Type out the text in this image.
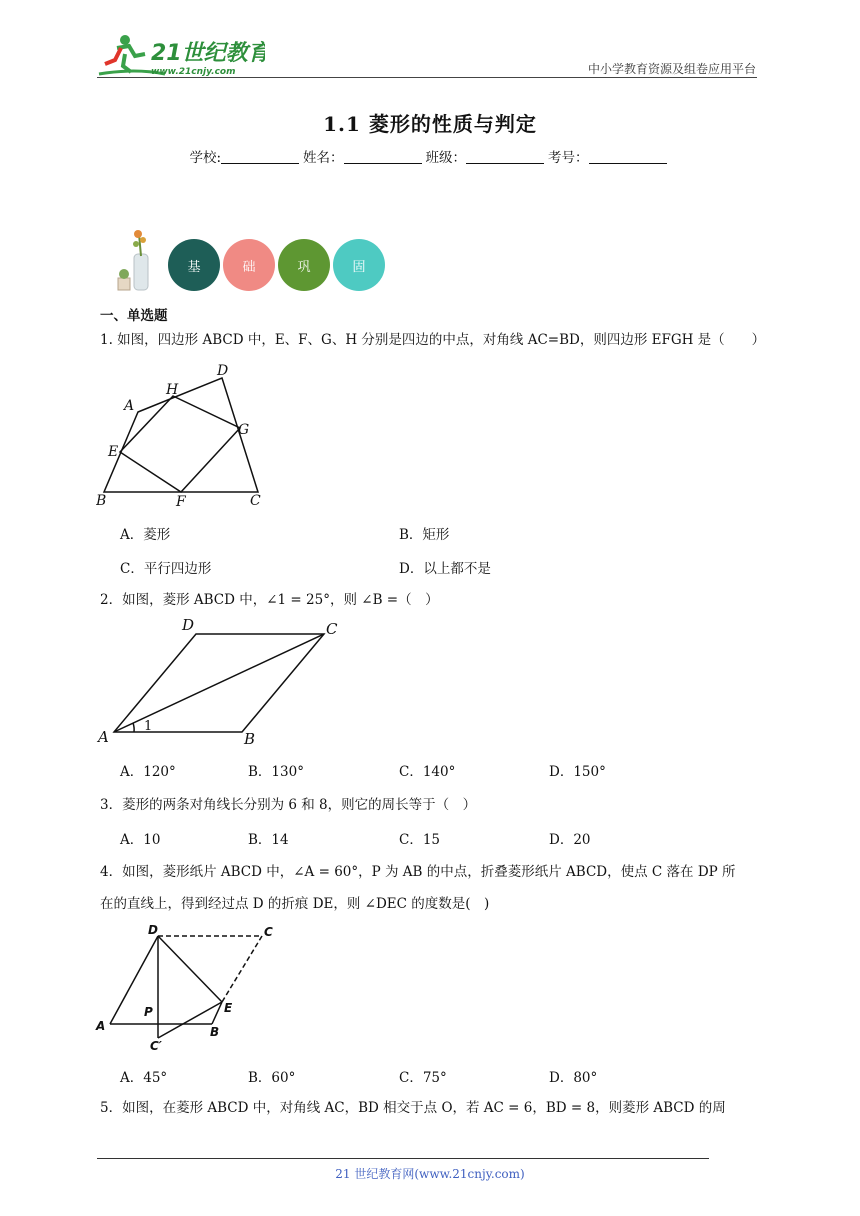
21世纪教育
www.21cnjy.com	中小学教育资源及组卷应用平台
1.1 菱形的性质与判定
学校:	姓名：	班级：	考号：
基	础	巩	固
一、单选题
1. 如图，四边形 ABCD 中，E、F、G、H 分别是四边的中点，对角线 AC=BD，则四边形 EFGH 是（　　）
A
B	C
D
E
F
G
H
A．菱形	B．矩形
C．平行四边形	D．以上都不是
2．如图，菱形 ABCD 中，∠1 = 25°，则 ∠B =（　）
A	B
C
D
1
A．120°	B．130°	C．140°	D．150°
3．菱形的两条对角线长分别为 6 和 8，则它的周长等于（　）
A．10	B．14	C．15	D．20
4．如图，菱形纸片 ABCD 中，∠A = 60°，P 为 AB 的中点，折叠菱形纸片 ABCD，使点 C 落在 DP 所
在的直线上，得到经过点 D 的折痕 DE，则 ∠DEC 的度数是(　)
D	C
P	E
A	B
C′
A．45°	B．60°	C．75°	D．80°
5．如图，在菱形 ABCD 中，对角线 AC，BD 相交于点 O，若 AC = 6，BD = 8，则菱形 ABCD 的周
21 世纪教育网(www.21cnjy.com)
